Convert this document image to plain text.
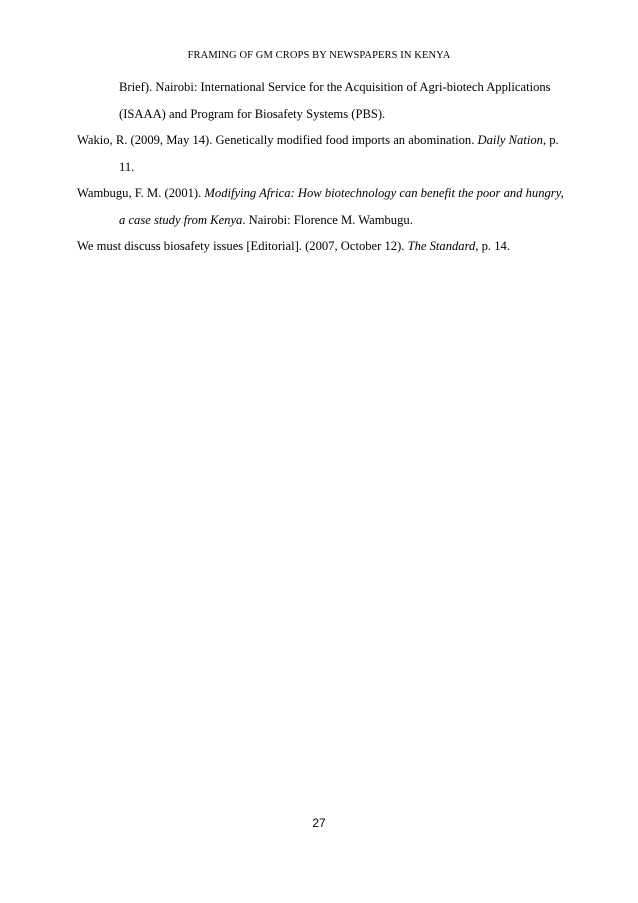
FRAMING OF GM CROPS BY NEWSPAPERS IN KENYA

Brief). Nairobi: International Service for the Acquisition of Agri-biotech Applications (ISAAA) and Program for Biosafety Systems (PBS).

Wakio, R. (2009, May 14). Genetically modified food imports an abomination. Daily Nation, p. 11.

Wambugu, F. M. (2001). Modifying Africa: How biotechnology can benefit the poor and hungry, a case study from Kenya. Nairobi: Florence M. Wambugu.

We must discuss biosafety issues [Editorial]. (2007, October 12). The Standard, p. 14.

27
